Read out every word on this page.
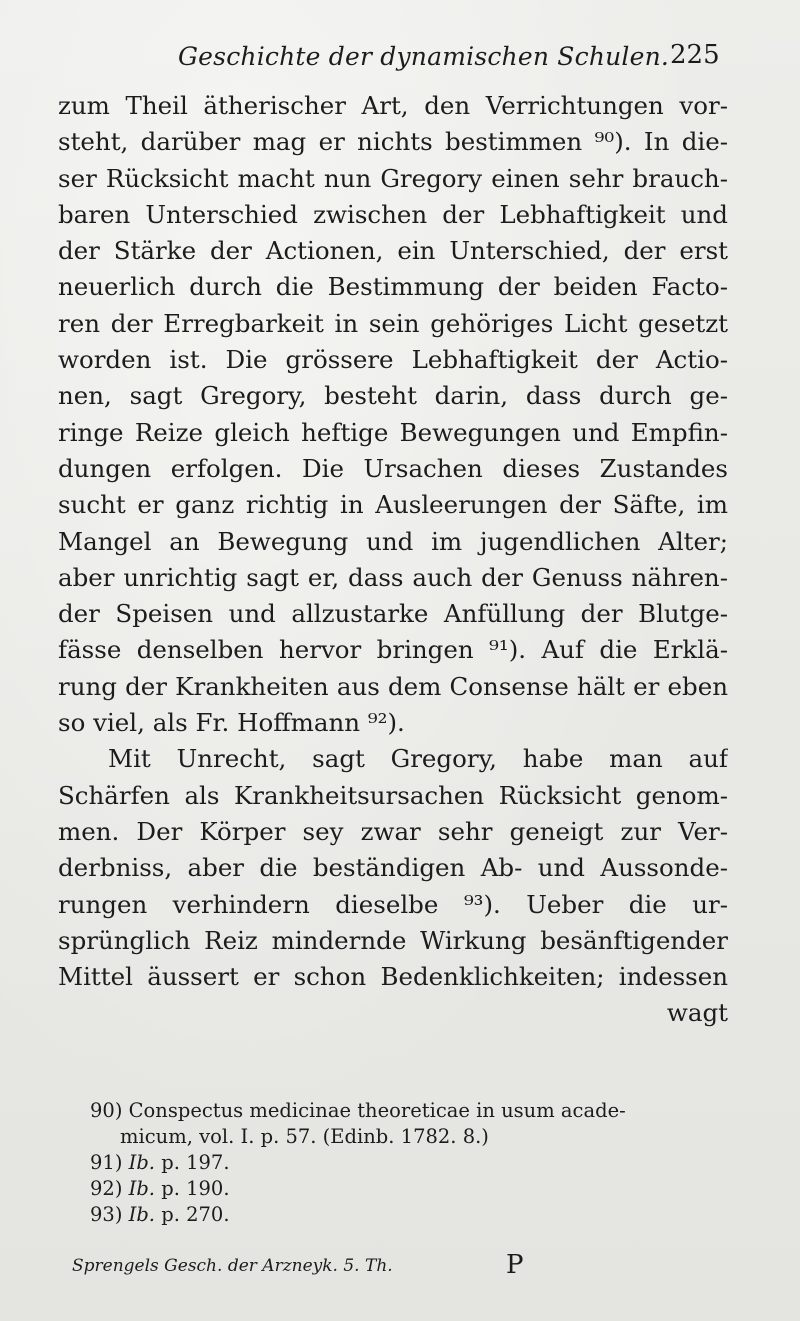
Geschichte der dynamischen Schulen. 225
zum Theil ätherischer Art, den Verrichtungen vor-
steht, darüber mag er nichts bestimmen ⁹⁰). In die-
ser Rücksicht macht nun Gregory einen sehr brauch-
baren Unterschied zwischen der Lebhaftigkeit und
der Stärke der Actionen, ein Unterschied, der erst
neuerlich durch die Bestimmung der beiden Facto-
ren der Erregbarkeit in sein gehöriges Licht gesetzt
worden ist. Die grössere Lebhaftigkeit der Actio-
nen, sagt Gregory, besteht darin, dass durch ge-
ringe Reize gleich heftige Bewegungen und Empfin-
dungen erfolgen. Die Ursachen dieses Zustandes
sucht er ganz richtig in Ausleerungen der Säfte, im
Mangel an Bewegung und im jugendlichen Alter;
aber unrichtig sagt er, dass auch der Genuss nähren-
der Speisen und allzustarke Anfüllung der Blutge-
fässe denselben hervor bringen ⁹¹). Auf die Erklä-
rung der Krankheiten aus dem Consense hält er eben
so viel, als Fr. Hoffmann ⁹²).
Mit Unrecht, sagt Gregory, habe man auf
Schärfen als Krankheitsursachen Rücksicht genom-
men. Der Körper sey zwar sehr geneigt zur Ver-
derbniss, aber die beständigen Ab- und Aussonde-
rungen verhindern dieselbe ⁹³). Ueber die ur-
sprünglich Reiz mindernde Wirkung besänftigender
Mittel äussert er schon Bedenklichkeiten; indessen
wagt
90) Conspectus medicinae theoreticae in usum acade-
micum, vol. I. p. 57. (Edinb. 1782. 8.)
91) Ib. p. 197.
92) Ib. p. 190.
93) Ib. p. 270.
Sprengels Gesch. der Arzneyk. 5. Th.	P
